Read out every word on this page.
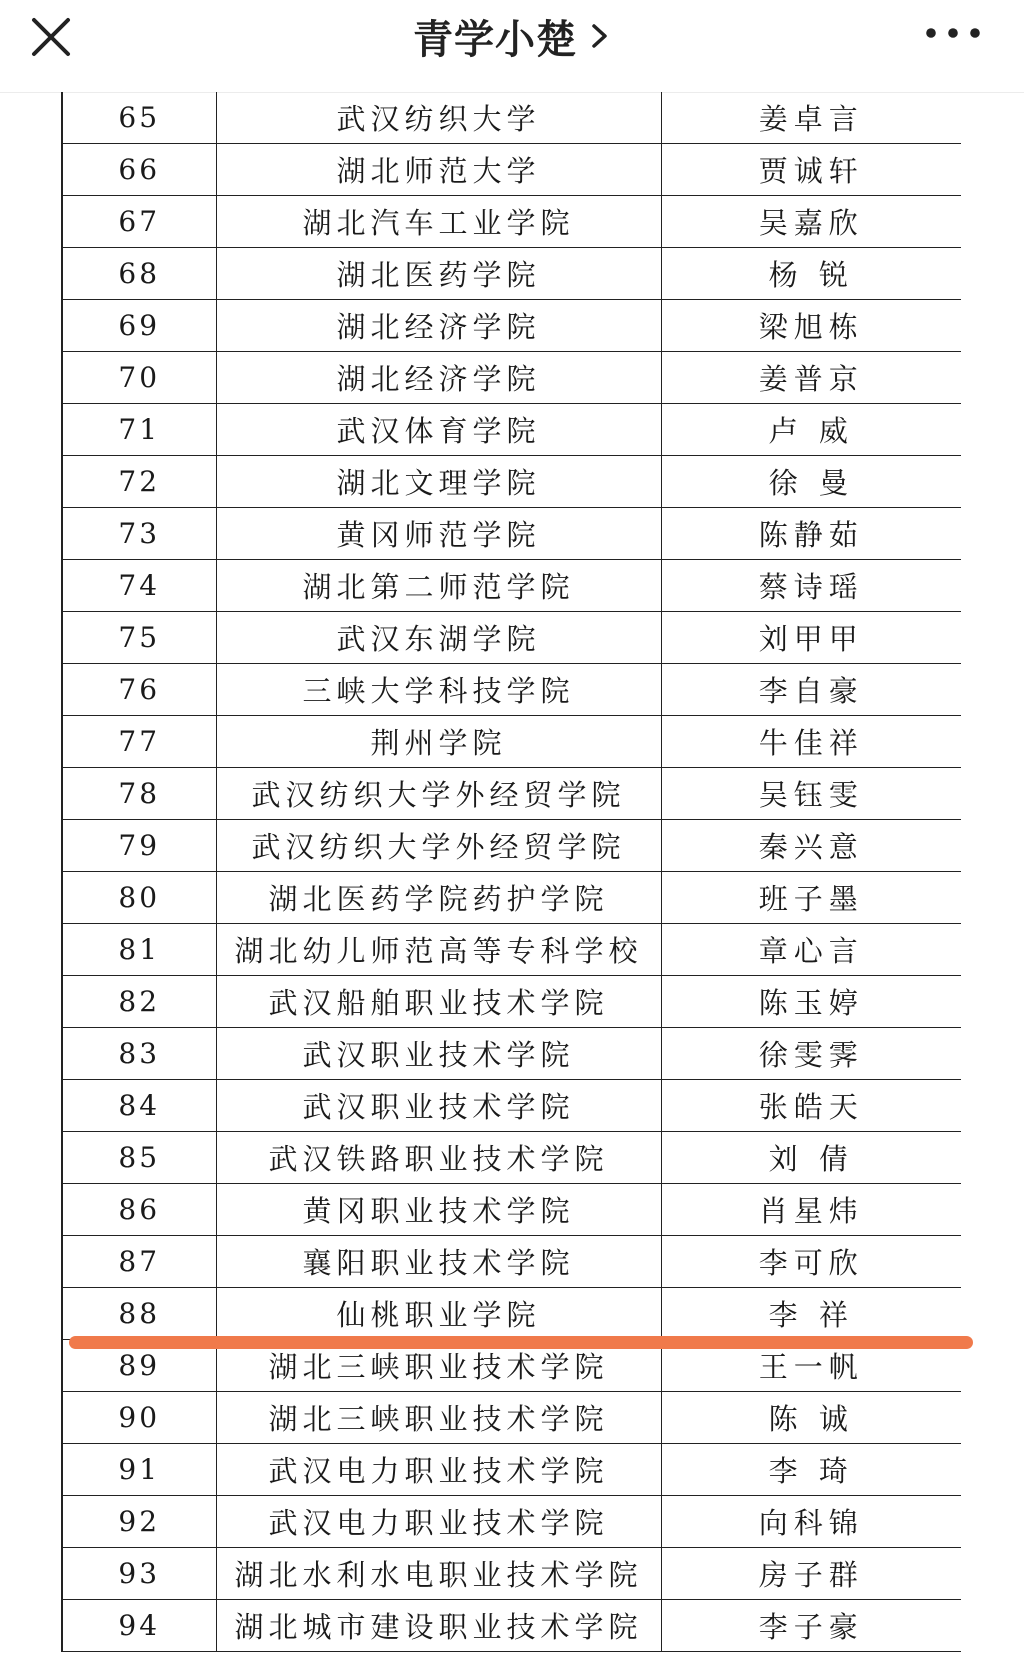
青学小楚
65	武汉纺织大学	姜卓言
66	湖北师范大学	贾诚轩
67	湖北汽车工业学院	吴嘉欣
68	湖北医药学院	杨 锐
69	湖北经济学院	梁旭栋
70	湖北经济学院	姜普京
71	武汉体育学院	卢 威
72	湖北文理学院	徐 曼
73	黄冈师范学院	陈静茹
74	湖北第二师范学院	蔡诗瑶
75	武汉东湖学院	刘甲甲
76	三峡大学科技学院	李自豪
77	荆州学院	牛佳祥
78	武汉纺织大学外经贸学院	吴钰雯
79	武汉纺织大学外经贸学院	秦兴意
80	湖北医药学院药护学院	班子墨
81	湖北幼儿师范高等专科学校	章心言
82	武汉船舶职业技术学院	陈玉婷
83	武汉职业技术学院	徐雯霁
84	武汉职业技术学院	张皓天
85	武汉铁路职业技术学院	刘 倩
86	黄冈职业技术学院	肖星炜
87	襄阳职业技术学院	李可欣
88	仙桃职业学院	李 祥
89	湖北三峡职业技术学院	王一帆
90	湖北三峡职业技术学院	陈 诚
91	武汉电力职业技术学院	李 琦
92	武汉电力职业技术学院	向科锦
93	湖北水利水电职业技术学院	房子群
94	湖北城市建设职业技术学院	李子豪
